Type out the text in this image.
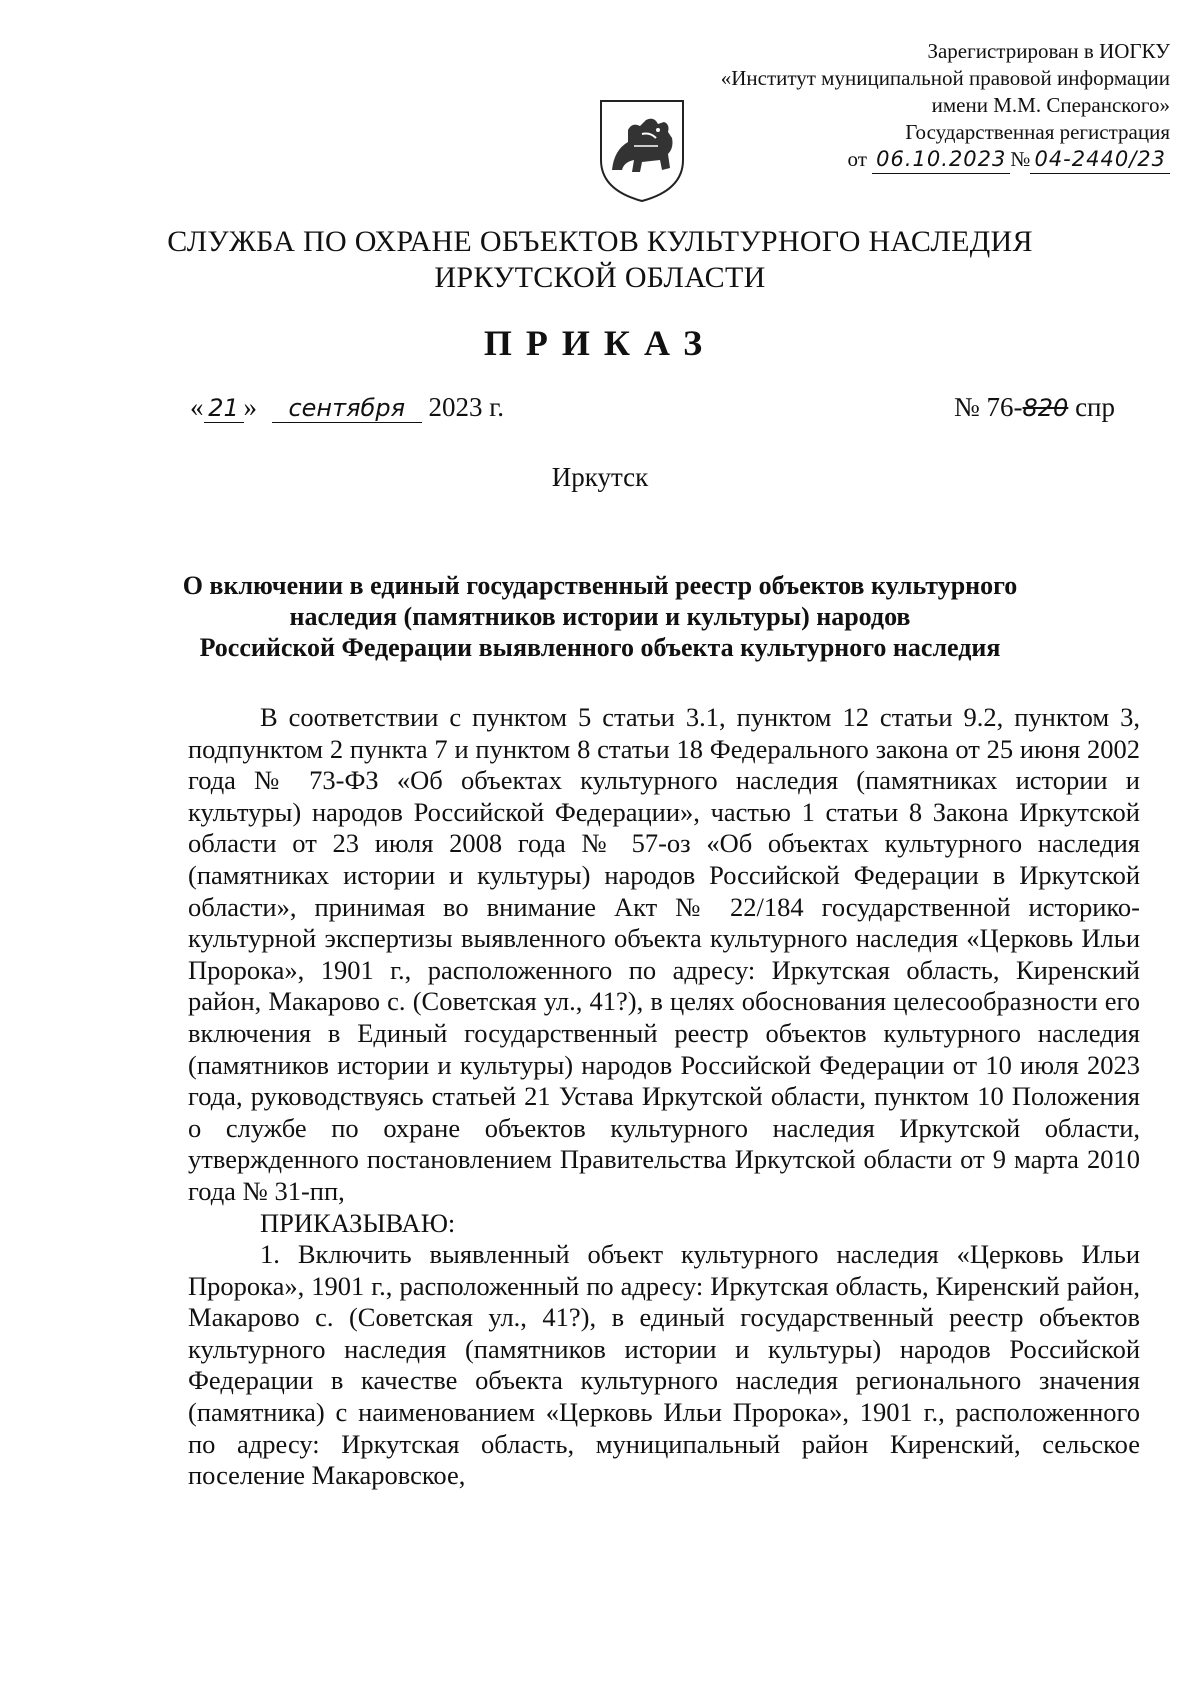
Зарегистрирован в ИОГКУ
«Институт муниципальной правовой информации
имени М.М. Сперанского»
Государственная регистрация
от 06.10.2023 № 04-2440/23
СЛУЖБА ПО ОХРАНЕ ОБЪЕКТОВ КУЛЬТУРНОГО НАСЛЕДИЯ
ИРКУТСКОЙ ОБЛАСТИ
ПРИКАЗ
« 21 » сентября 2023 г.	№ 76-820 спр
Иркутск
О включении в единый государственный реестр объектов культурного
наследия (памятников истории и культуры) народов
Российской Федерации выявленного объекта культурного наследия

В соответствии с пунктом 5 статьи 3.1, пунктом 12 статьи 9.2, пунктом 3, подпунктом 2 пункта 7 и пунктом 8 статьи 18 Федерального закона от 25 июня 2002 года № 73-ФЗ «Об объектах культурного наследия (памятниках истории и культуры) народов Российской Федерации», частью 1 статьи 8 Закона Иркутской области от 23 июля 2008 года № 57-оз «Об объектах культурного наследия (памятниках истории и культуры) народов Российской Федерации в Иркутской области», принимая во внимание Акт № 22/184 государственной историко-культурной экспертизы выявленного объекта культурного наследия «Церковь Ильи Пророка», 1901 г., расположенного по адресу: Иркутская область, Киренский район, Макарово с. (Советская ул., 41?), в целях обоснования целесообразности его включения в Единый государственный реестр объектов культурного наследия (памятников истории и культуры) народов Российской Федерации от 10 июля 2023 года, руководствуясь статьей 21 Устава Иркутской области, пунктом 10 Положения о службе по охране объектов культурного наследия Иркутской области, утвержденного постановлением Правительства Иркутской области от 9 марта 2010 года № 31-пп,

ПРИКАЗЫВАЮ:

1. Включить выявленный объект культурного наследия «Церковь Ильи Пророка», 1901 г., расположенный по адресу: Иркутская область, Киренский район, Макарово с. (Советская ул., 41?), в единый государственный реестр объектов культурного наследия (памятников истории и культуры) народов Российской Федерации в качестве объекта культурного наследия регионального значения (памятника) с наименованием «Церковь Ильи Пророка», 1901 г., расположенного по адресу: Иркутская область, муниципальный район Киренский, сельское поселение Макаровское,
